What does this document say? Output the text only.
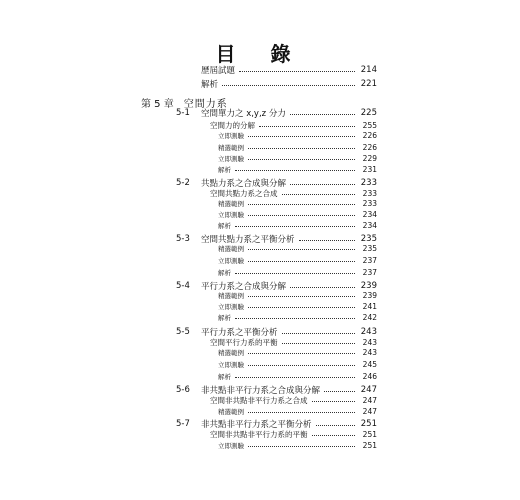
目 錄
第 5 章 空間力系
歷屆試題	214
解析	221
5-1 空間單力之 x,y,z 分力	225
空間力的分解	255
立即測驗	226
精選範例	226
立即測驗	229
解析	231
5-2 共點力系之合成與分解	233
空間共點力系之合成	233
精選範例	233
立即測驗	234
解析	234
5-3 空間共點力系之平衡分析	235
精選範例	235
立即測驗	237
解析	237
5-4 平行力系之合成與分解	239
精選範例	239
立即測驗	241
解析	242
5-5 平行力系之平衡分析	243
空間平行力系的平衡	243
精選範例	243
立即測驗	245
解析	246
5-6 非共點非平行力系之合成與分解	247
空間非共點非平行力系之合成	247
精選範例	247
5-7 非共點非平行力系之平衡分析	251
空間非共點非平行力系的平衡	251
立即測驗	251
